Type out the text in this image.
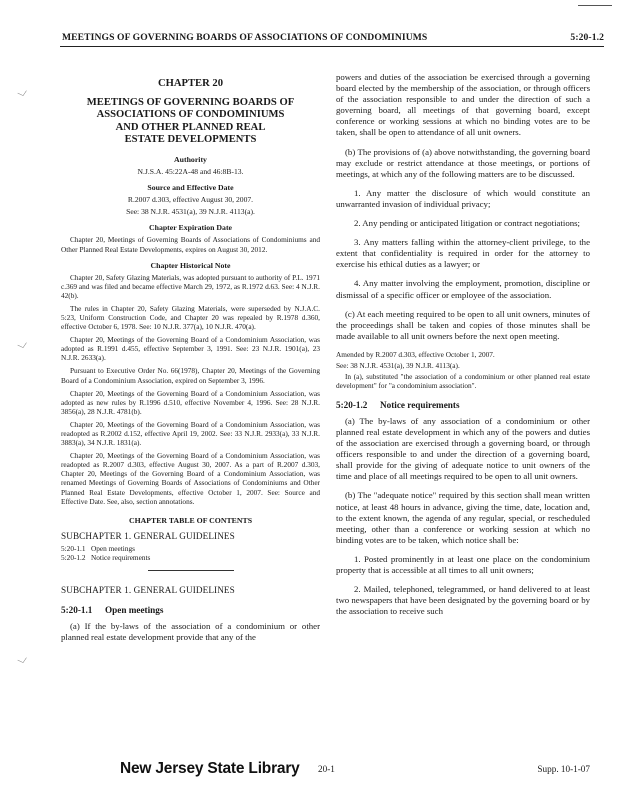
MEETINGS OF GOVERNING BOARDS OF ASSOCIATIONS OF CONDOMINIUMS	5:20-1.2
﹀
﹀
﹀
CHAPTER 20
MEETINGS OF GOVERNING BOARDS OF
ASSOCIATIONS OF CONDOMINIUMS
AND OTHER PLANNED REAL
ESTATE DEVELOPMENTS
Authority
N.J.S.A. 45:22A-48 and 46:8B-13.
Source and Effective Date
R.2007 d.303, effective August 30, 2007.
See: 38 N.J.R. 4531(a), 39 N.J.R. 4113(a).
Chapter Expiration Date

Chapter 20, Meetings of Governing Boards of Associations of Condominiums and Other Planned Real Estate Developments, expires on August 30, 2012.

Chapter Historical Note

Chapter 20, Safety Glazing Materials, was adopted pursuant to authority of P.L. 1971 c.369 and was filed and became effective March 29, 1972, as R.1972 d.63. See: 4 N.J.R. 42(b).

The rules in Chapter 20, Safety Glazing Materials, were superseded by N.J.A.C. 5:23, Uniform Construction Code, and Chapter 20 was repealed by R.1978 d.360, effective October 6, 1978. See: 10 N.J.R. 377(a), 10 N.J.R. 470(a).

Chapter 20, Meetings of the Governing Board of a Condominium Association, was adopted as R.1991 d.455, effective September 3, 1991. See: 23 N.J.R. 1901(a), 23 N.J.R. 2633(a).

Pursuant to Executive Order No. 66(1978), Chapter 20, Meetings of the Governing Board of a Condominium Association, expired on September 3, 1996.

Chapter 20, Meetings of the Governing Board of a Condominium Association, was adopted as new rules by R.1996 d.510, effective November 4, 1996. See: 28 N.J.R. 3856(a), 28 N.J.R. 4781(b).

Chapter 20, Meetings of the Governing Board of a Condominium Association, was readopted as R.2002 d.152, effective April 19, 2002. See: 33 N.J.R. 2933(a), 33 N.J.R. 3883(a), 34 N.J.R. 1831(a).

Chapter 20, Meetings of the Governing Board of a Condominium Association, was readopted as R.2007 d.303, effective August 30, 2007. As a part of R.2007 d.303, Chapter 20, Meetings of the Governing Board of a Condominium Association, was renamed Meetings of Governing Boards of Associations of Condominiums and Other Planned Real Estate Developments, effective October 1, 2007. See: Source and Effective Date. See, also, section annotations.

CHAPTER TABLE OF CONTENTS
SUBCHAPTER 1. GENERAL GUIDELINES
5:20-1.1 Open meetings
5:20-1.2 Notice requirements
SUBCHAPTER 1. GENERAL GUIDELINES
5:20-1.1 Open meetings

(a) If the by-laws of the association of a condominium or other planned real estate development provide that any of the

powers and duties of the association be exercised through a governing board elected by the membership of the association, or through officers of the association responsible to and under the direction of such a governing board, all meetings of that governing board, except conference or working sessions at which no binding votes are to be taken, shall be open to attendance of all unit owners.

(b) The provisions of (a) above notwithstanding, the governing board may exclude or restrict attendance at those meetings, or portions of meetings, at which any of the following matters are to be discussed.

1. Any matter the disclosure of which would constitute an unwarranted invasion of individual privacy;

2. Any pending or anticipated litigation or contract negotiations;

3. Any matters falling within the attorney-client privilege, to the extent that confidentiality is required in order for the attorney to exercise his ethical duties as a lawyer; or

4. Any matter involving the employment, promotion, discipline or dismissal of a specific officer or employee of the association.

(c) At each meeting required to be open to all unit owners, minutes of the proceedings shall be taken and copies of those minutes shall be made available to all unit owners before the next open meeting.

Amended by R.2007 d.303, effective October 1, 2007.
See: 38 N.J.R. 4531(a), 39 N.J.R. 4113(a).

In (a), substituted "the association of a condominium or other planned real estate development" for "a condominium association".

5:20-1.2 Notice requirements

(a) The by-laws of any association of a condominium or other planned real estate development in which any of the powers and duties of the association are exercised through a governing board, or through officers responsible to and under the direction of a governing board, shall provide for the giving of adequate notice to unit owners of the time and place of all meetings required to be open to all unit owners.

(b) The "adequate notice" required by this section shall mean written notice, at least 48 hours in advance, giving the time, date, location and, to the extent known, the agenda of any regular, special, or rescheduled meeting, other than a conference or working session at which no binding votes are to be taken, which notice shall be:

1. Posted prominently in at least one place on the condominium property that is accessible at all times to all unit owners;

2. Mailed, telephoned, telegrammed, or hand delivered to at least two newspapers that have been designated by the governing board or by the association to receive such

New Jersey State Library 20-1	Supp. 10-1-07
